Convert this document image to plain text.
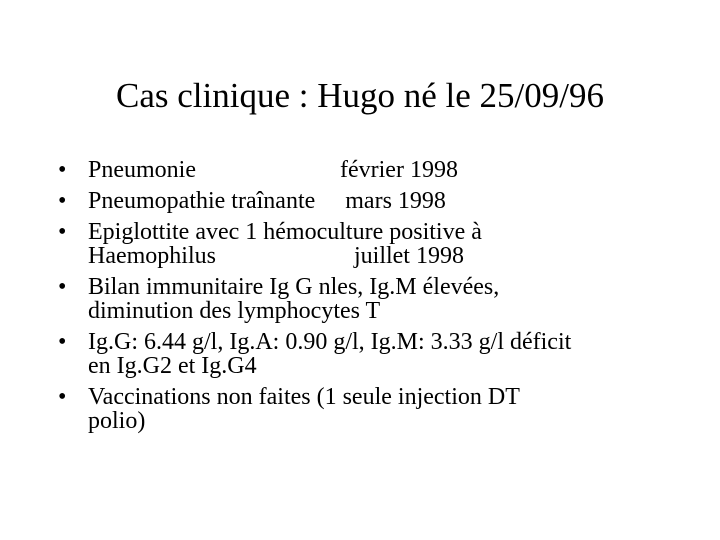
Cas clinique : Hugo né le 25/09/96
• Pneumonie                        février 1998
• Pneumopathie traînante     mars 1998
• Epiglottite avec 1 hémoculture positive à
Haemophilus                       juillet 1998
• Bilan immunitaire Ig G nles, Ig.M élevées,
diminution des lymphocytes T
• Ig.G: 6.44 g/l, Ig.A: 0.90 g/l, Ig.M: 3.33 g/l déficit
en Ig.G2 et Ig.G4
• Vaccinations non faites (1 seule injection DT
polio)
